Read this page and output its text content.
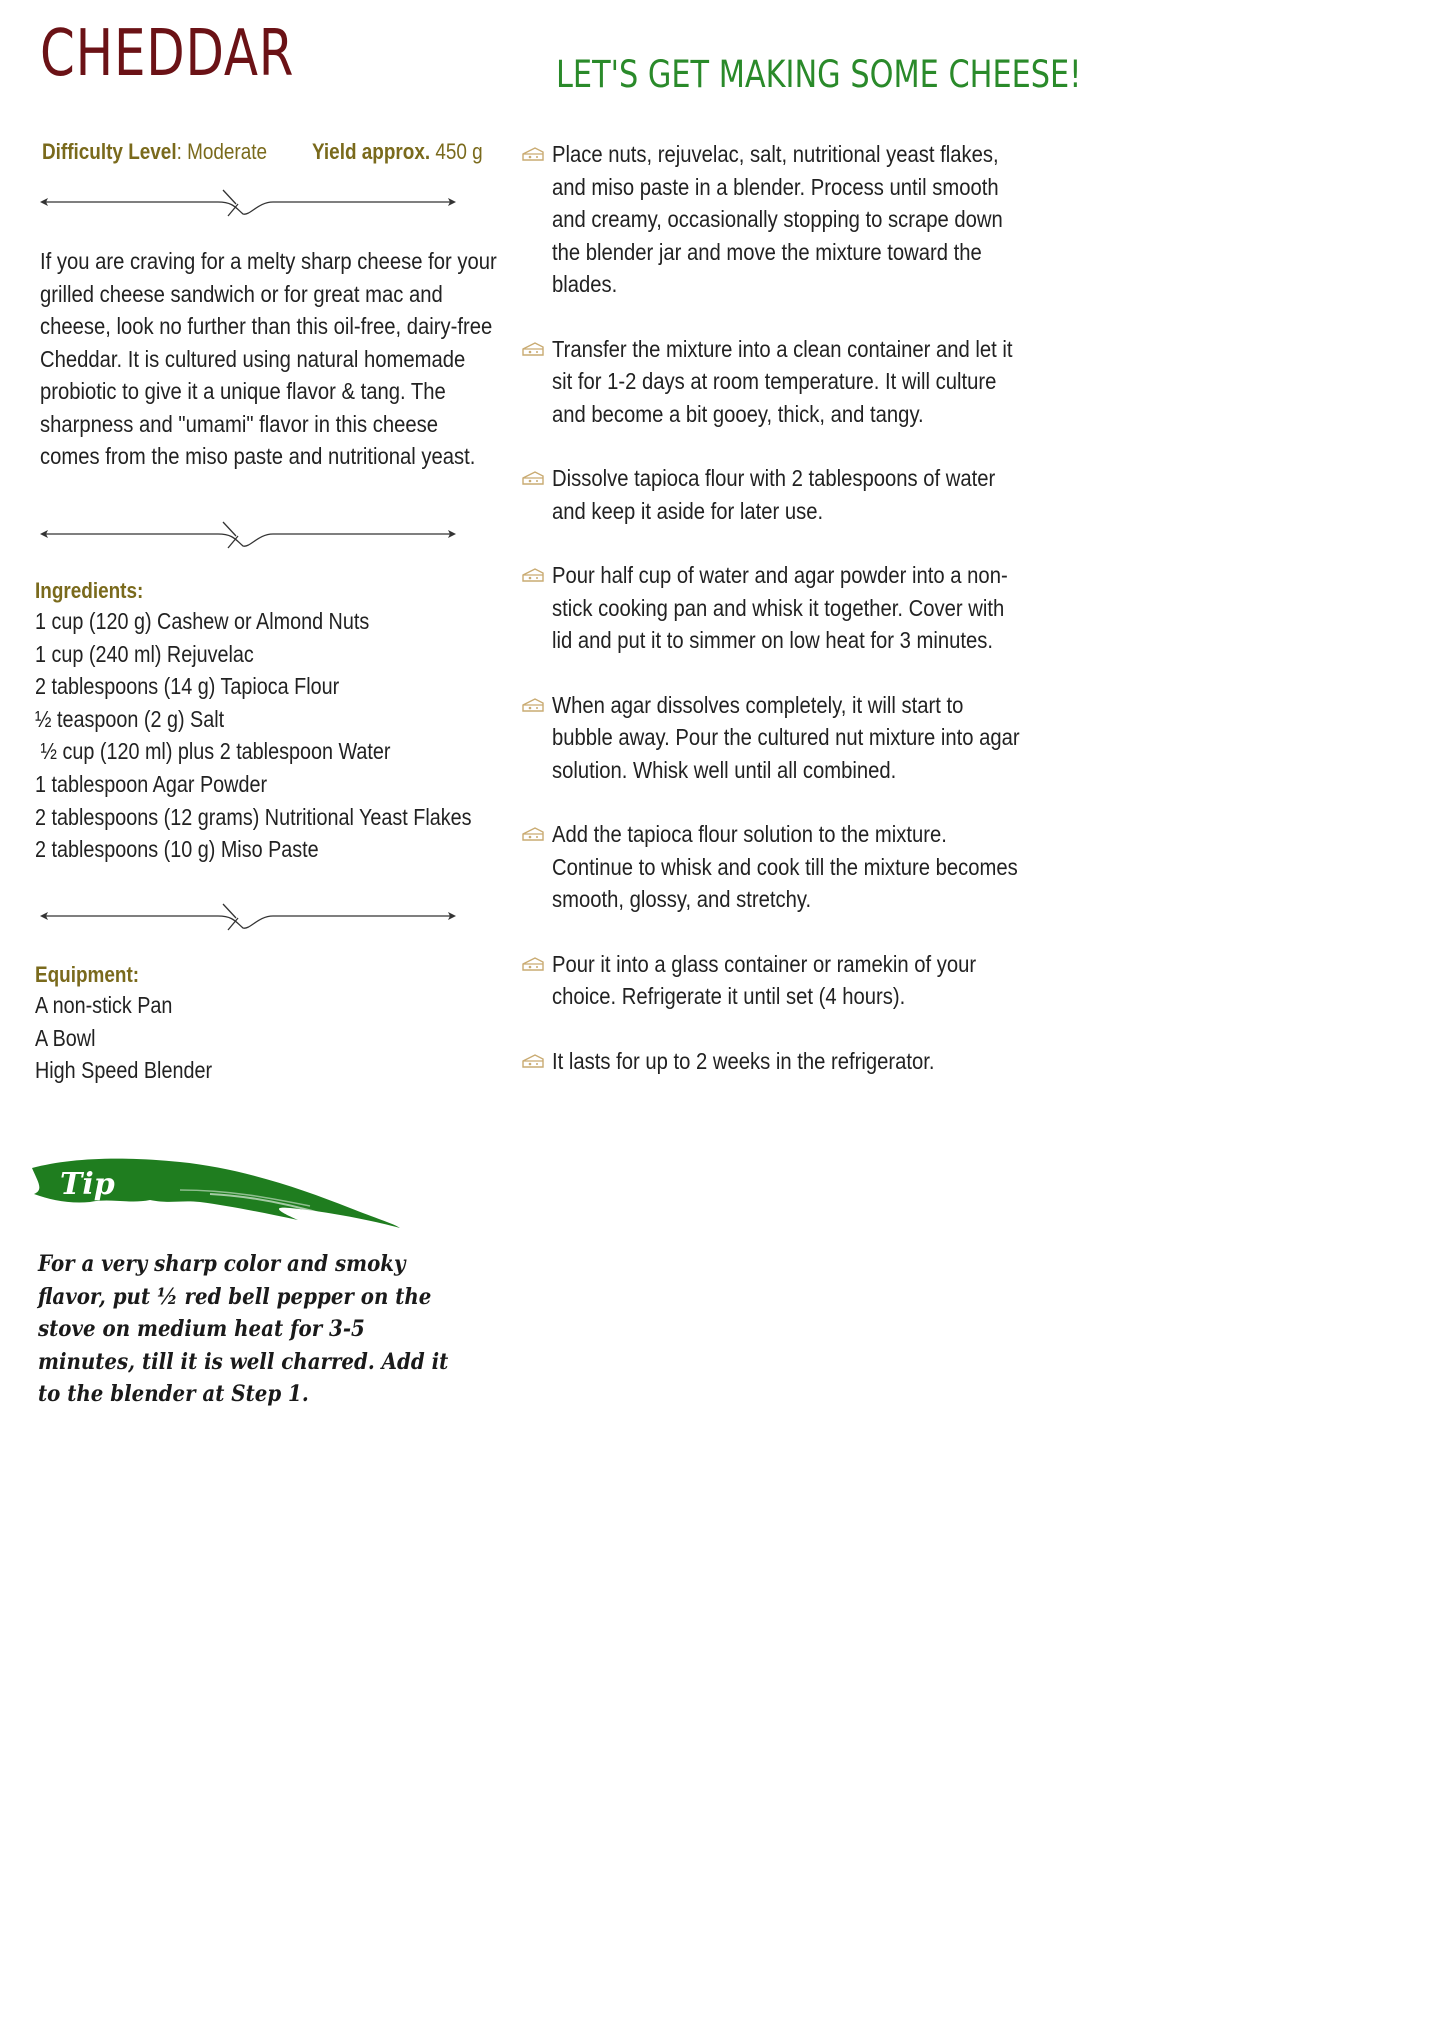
CHEDDAR	LET'S GET MAKING SOME CHEESE!
Difficulty Level: Moderate Yield approx. 450 g

If you are craving for a melty sharp cheese for your grilled cheese sandwich or for great mac and cheese, look no further than this oil-free, dairy-free Cheddar. It is cultured using natural homemade probiotic to give it a unique flavor & tang. The sharpness and "umami" flavor in this cheese comes from the miso paste and nutritional yeast.

Ingredients:
1 cup (120 g) Cashew or Almond Nuts
1 cup (240 ml) Rejuvelac
2 tablespoons (14 g) Tapioca Flour
½ teaspoon (2 g) Salt
½ cup (120 ml) plus 2 tablespoon Water
1 tablespoon Agar Powder
2 tablespoons (12 grams) Nutritional Yeast Flakes
2 tablespoons (10 g) Miso Paste
Equipment:
A non-stick Pan
A Bowl
High Speed Blender
Tip

For a very sharp color and smoky flavor, put ½ red bell pepper on the stove on medium heat for 3-5 minutes, till it is well charred. Add it to the blender at Step 1.

Place nuts, rejuvelac, salt, nutritional yeast flakes, and miso paste in a blender. Process until smooth and creamy, occasionally stopping to scrape down the blender jar and move the mixture toward the blades.
Transfer the mixture into a clean container and let it sit for 1-2 days at room temperature. It will culture and become a bit gooey, thick, and tangy.
Dissolve tapioca flour with 2 tablespoons of water and keep it aside for later use.
Pour half cup of water and agar powder into a non-stick cooking pan and whisk it together. Cover with lid and put it to simmer on low heat for 3 minutes.
When agar dissolves completely, it will start to bubble away. Pour the cultured nut mixture into agar solution. Whisk well until all combined.
Add the tapioca flour solution to the mixture. Continue to whisk and cook till the mixture becomes smooth, glossy, and stretchy.
Pour it into a glass container or ramekin of your choice. Refrigerate it until set (4 hours).
It lasts for up to 2 weeks in the refrigerator.
